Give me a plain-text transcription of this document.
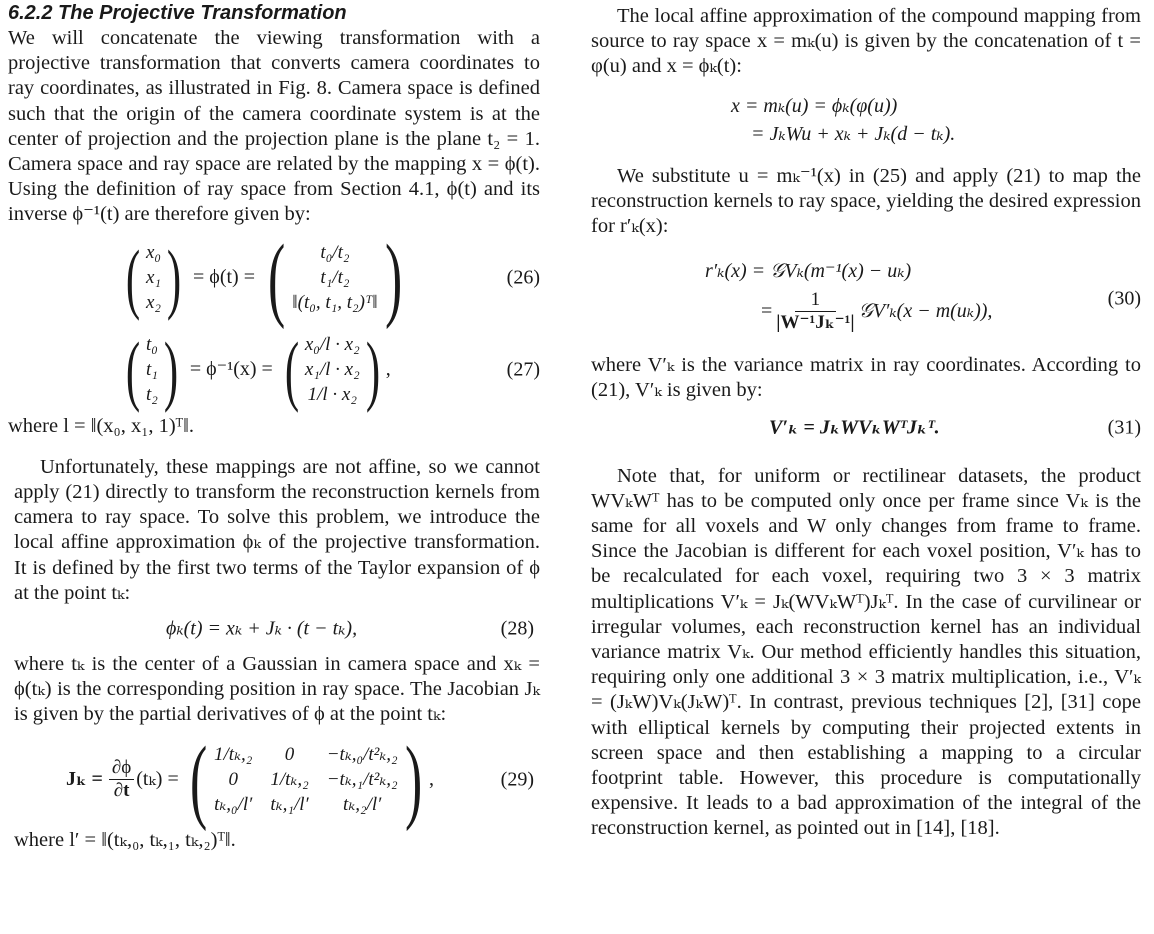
6.2.2 The Projective Transformation

We will concatenate the viewing transformation with a projective transformation that converts camera coordinates to ray coordinates, as illustrated in Fig. 8. Camera space is defined such that the origin of the camera coordinate system is at the center of projection and the projection plane is the plane t₂ = 1. Camera space and ray space are related by the mapping x = ϕ(t). Using the definition of ray space from Section 4.1, ϕ(t) and its inverse ϕ⁻¹(t) are therefore given by:

( x₀
x₁
x₂ ) = ϕ(t) = (	t₀/t₂
t₁/t₂
‖(t₀, t₁, t₂)ᵀ‖ )	(26)
( t₀
t₁
t₂ ) = ϕ⁻¹(x) = ( x₀/l · x₂
x₁/l · x₂
1/l · x₂ ) ,	(27)

where l = ‖(x₀, x₁, 1)ᵀ‖.

Unfortunately, these mappings are not affine, so we cannot apply (21) directly to transform the reconstruction kernels from camera to ray space. To solve this problem, we introduce the local affine approximation ϕₖ of the projective transformation. It is defined by the first two terms of the Taylor expansion of ϕ at the point tₖ:

ϕₖ(t) = xₖ + Jₖ · (t − tₖ),	(28)

where tₖ is the center of a Gaussian in camera space and xₖ = ϕ(tₖ) is the corresponding position in ray space. The Jacobian Jₖ is given by the partial derivatives of ϕ at the point tₖ:

$J_k = \frac{\partial\phi}{\partial t} (t_k)$ = ( 1/tₖ,₂	0	−tₖ,₀/t²ₖ,₂
0	1/tₖ,₂ −tₖ,₁/t²ₖ,₂
tₖ,₀/l′ tₖ,₁/l′	tₖ,₂/l′ ) ,	(29)

where l′ = ‖(tₖ,₀, tₖ,₁, tₖ,₂)ᵀ‖.

The local affine approximation of the compound mapping from source to ray space x = mₖ(u) is given by the concatenation of t = φ(u) and x = ϕₖ(t):

x = mₖ(u) = ϕₖ(φ(u))
= JₖWu + xₖ + Jₖ(d − tₖ).

We substitute u = mₖ⁻¹(x) in (25) and apply (21) to map the reconstruction kernels to ray space, yielding the desired expression for r′ₖ(x):

r′ₖ(x) = 𝒢Vₖ(m⁻¹(x) − uₖ)
= $\frac{1}{\text{|W⁻¹Jₖ⁻¹|}}$ 𝒢V′ₖ(x − m(uₖ)),
(30)

where V′ₖ is the variance matrix in ray coordinates. According to (21), V′ₖ is given by:

V′ₖ = JₖWVₖWᵀJₖᵀ.	(31)

Note that, for uniform or rectilinear datasets, the product WVₖWᵀ has to be computed only once per frame since Vₖ is the same for all voxels and W only changes from frame to frame. Since the Jacobian is different for each voxel position, V′ₖ has to be recalculated for each voxel, requiring two 3 × 3 matrix multiplications V′ₖ = Jₖ(WVₖWᵀ)Jₖᵀ. In the case of curvilinear or irregular volumes, each reconstruction kernel has an individual variance matrix Vₖ. Our method efficiently handles this situation, requiring only one additional 3 × 3 matrix multiplication, i.e., V′ₖ = (JₖW)Vₖ(JₖW)ᵀ. In contrast, previous techniques [2], [31] cope with elliptical kernels by computing their projected extents in screen space and then establishing a mapping to a circular footprint table. However, this procedure is computationally expensive. It leads to a bad approximation of the integral of the reconstruction kernel, as pointed out in [14], [18].
